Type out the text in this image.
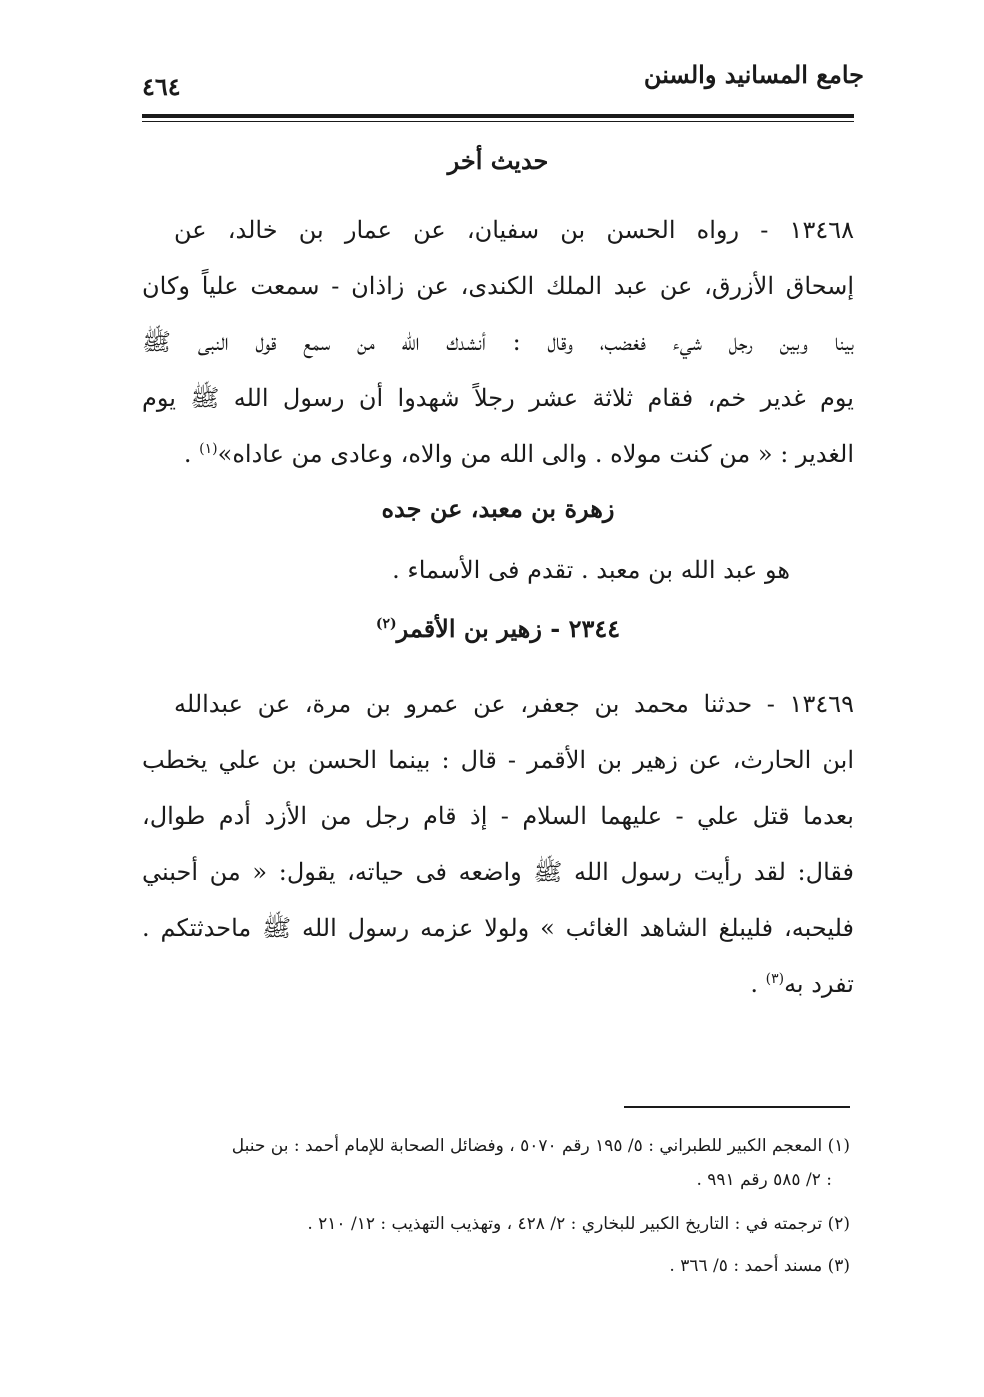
جامع المسانيد والسنن
٤٦٤
حديث أخر
١٣٤٦٨ - رواه الحسن بن سفيان، عن عمار بن خالد، عن
إسحاق الأزرق، عن عبد الملك الكندى، عن زاذان - سمعت علياً وكان
بينا وبين رجل شيء فغضب، وقال : أنشدك الله من سمع قول النبى ﷺ
يوم غدير خم، فقام ثلاثة عشر رجلاً شهدوا أن رسول الله ﷺ يوم
الغدير : « من كنت مولاه . والى الله من والاه، وعادى من عاداه»$^{(١)}$ .
زهرة بن معبد، عن جده
هو عبد الله بن معبد . تقدم فى الأسماء .
٢٣٤٤ - زهير بن الأقمر$^{(٢)}$
١٣٤٦٩ - حدثنا محمد بن جعفر، عن عمرو بن مرة، عن عبدالله
ابن الحارث، عن زهير بن الأقمر - قال : بينما الحسن بن علي يخطب
بعدما قتل علي - عليهما السلام - إذ قام رجل من الأزد أدم طوال،
فقال: لقد رأيت رسول الله ﷺ واضعه فى حياته، يقول: « من أحبني
فليحبه، فليبلغ الشاهد الغائب » ولولا عزمه رسول الله ﷺ ماحدثتكم .
تفرد به$^{(٣)}$ .
(١) المعجم الكبير للطبراني : ٥/ ١٩٥ رقم ٥٠٧٠ ، وفضائل الصحابة للإمام أحمد : بن حنبل
: ٢/ ٥٨٥ رقم ٩٩١ .
(٢) ترجمته في : التاريخ الكبير للبخاري : ٢/ ٤٢٨ ، وتهذيب التهذيب : ١٢/ ٢١٠ .
(٣) مسند أحمد : ٥/ ٣٦٦ .
